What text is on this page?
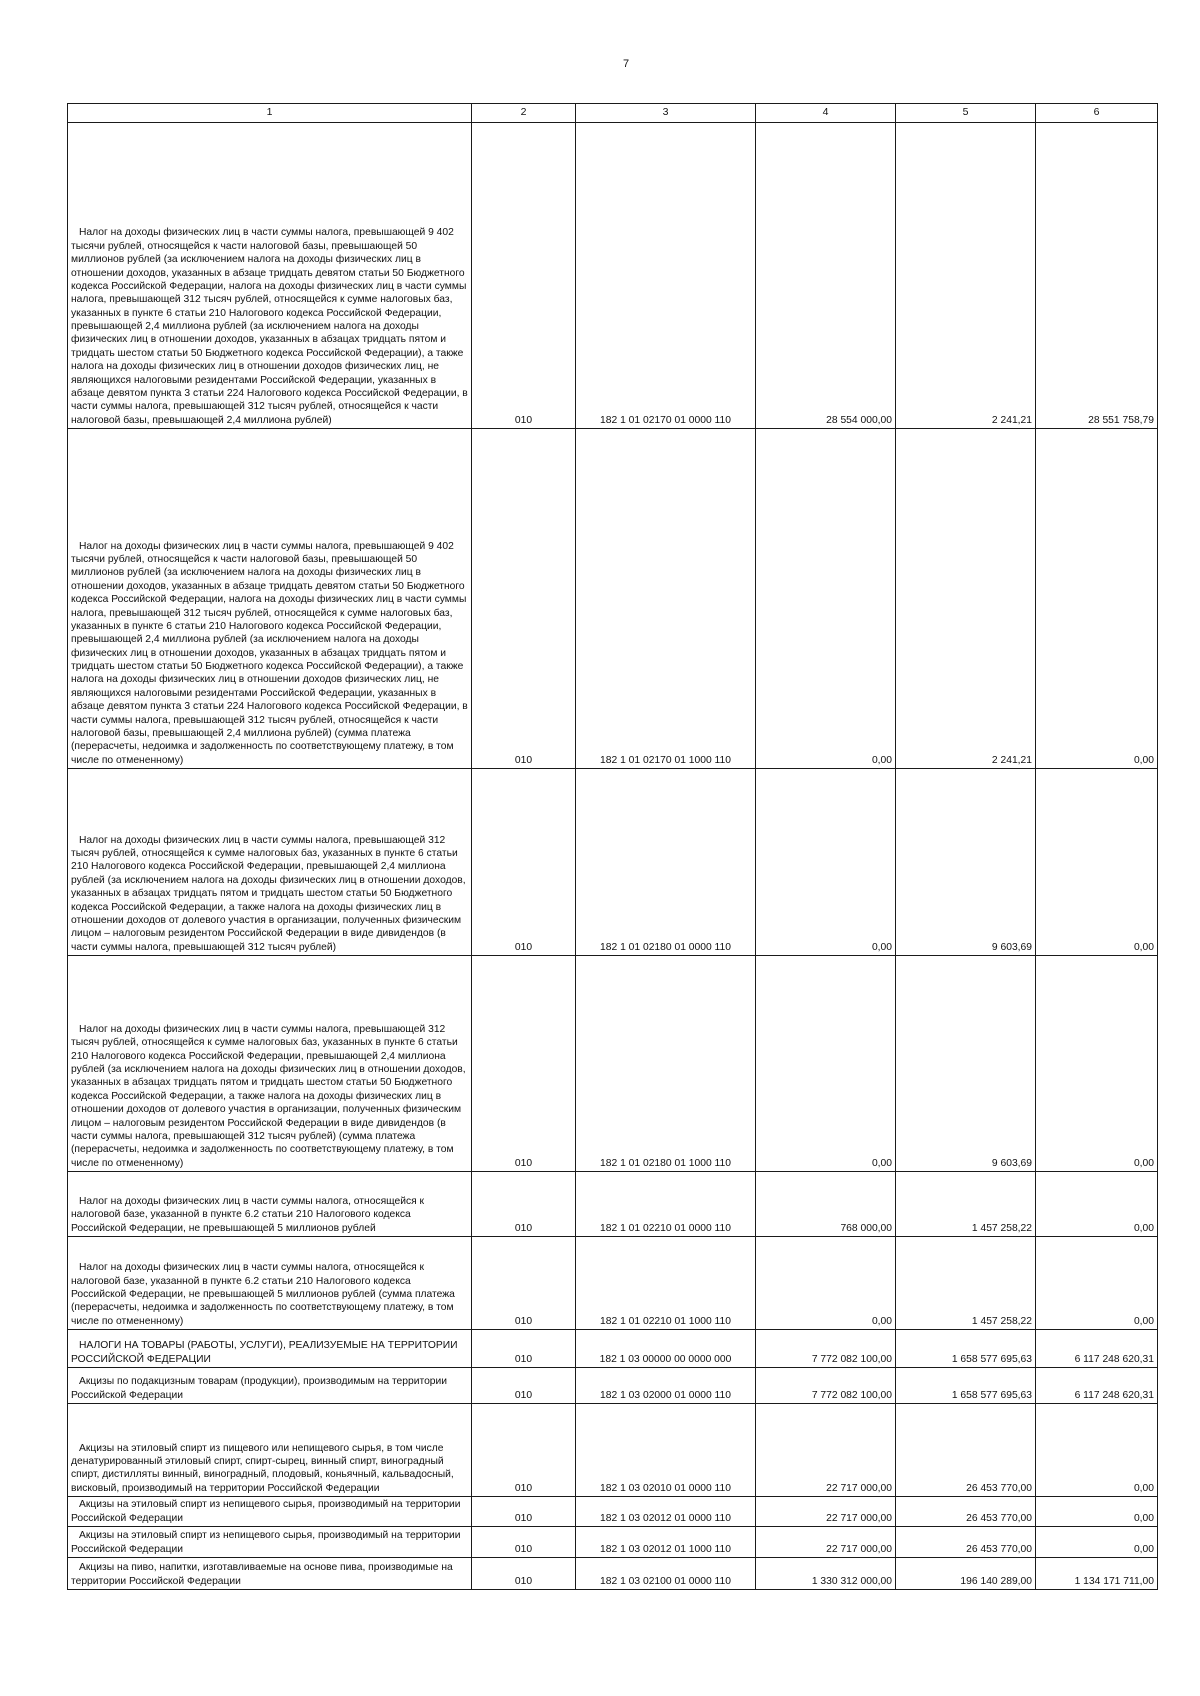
7
1	2	3	4	5	6

Налог на доходы физических лиц в части суммы налога, превышающей 9 402 тысячи рублей, относящейся к части налоговой базы, превышающей 50 миллионов рублей (за исключением налога на доходы физических лиц в отношении доходов, указанных в абзаце тридцать девятом статьи 50 Бюджетного кодекса Российской Федерации, налога на доходы физических лиц в части суммы налога, превышающей 312 тысяч рублей, относящейся к сумме налоговых баз, указанных в пункте 6 статьи 210 Налогового кодекса Российской Федерации, превышающей 2,4 миллиона рублей (за исключением налога на доходы физических лиц в отношении доходов, указанных в абзацах тридцать пятом и тридцать шестом статьи 50 Бюджетного кодекса Российской Федерации), а также налога на доходы физических лиц в отношении доходов физических лиц, не являющихся налоговыми резидентами Российской Федерации, указанных в абзаце девятом пункта 3 статьи 224 Налогового кодекса Российской Федерации, в части суммы налога, превышающей 312 тысяч рублей, относящейся к части налоговой базы, превышающей 2,4 миллиона рублей)	010	182 1 01 02170 01 0000 110	28 554 000,00	2 241,21	28 551 758,79

Налог на доходы физических лиц в части суммы налога, превышающей 9 402 тысячи рублей, относящейся к части налоговой базы, превышающей 50 миллионов рублей (за исключением налога на доходы физических лиц в отношении доходов, указанных в абзаце тридцать девятом статьи 50 Бюджетного кодекса Российской Федерации, налога на доходы физических лиц в части суммы налога, превышающей 312 тысяч рублей, относящейся к сумме налоговых баз, указанных в пункте 6 статьи 210 Налогового кодекса Российской Федерации, превышающей 2,4 миллиона рублей (за исключением налога на доходы физических лиц в отношении доходов, указанных в абзацах тридцать пятом и тридцать шестом статьи 50 Бюджетного кодекса Российской Федерации), а также налога на доходы физических лиц в отношении доходов физических лиц, не являющихся налоговыми резидентами Российской Федерации, указанных в абзаце девятом пункта 3 статьи 224 Налогового кодекса Российской Федерации, в части суммы налога, превышающей 312 тысяч рублей, относящейся к части налоговой базы, превышающей 2,4 миллиона рублей) (сумма платежа (перерасчеты, недоимка и задолженность по соответствующему платежу, в том числе по отмененному)	010	182 1 01 02170 01 1000 110	0,00	2 241,21	0,00

Налог на доходы физических лиц в части суммы налога, превышающей 312 тысяч рублей, относящейся к сумме налоговых баз, указанных в пункте 6 статьи 210 Налогового кодекса Российской Федерации, превышающей 2,4 миллиона рублей (за исключением налога на доходы физических лиц в отношении доходов, указанных в абзацах тридцать пятом и тридцать шестом статьи 50 Бюджетного кодекса Российской Федерации, а также налога на доходы физических лиц в отношении доходов от долевого участия в организации, полученных физическим лицом – налоговым резидентом Российской Федерации в виде дивидендов (в части суммы налога, превышающей 312 тысяч рублей)	010	182 1 01 02180 01 0000 110	0,00	9 603,69	0,00

Налог на доходы физических лиц в части суммы налога, превышающей 312 тысяч рублей, относящейся к сумме налоговых баз, указанных в пункте 6 статьи 210 Налогового кодекса Российской Федерации, превышающей 2,4 миллиона рублей (за исключением налога на доходы физических лиц в отношении доходов, указанных в абзацах тридцать пятом и тридцать шестом статьи 50 Бюджетного кодекса Российской Федерации, а также налога на доходы физических лиц в отношении доходов от долевого участия в организации, полученных физическим лицом – налоговым резидентом Российской Федерации в виде дивидендов (в части суммы налога, превышающей 312 тысяч рублей) (сумма платежа (перерасчеты, недоимка и задолженность по соответствующему платежу, в том числе по отмененному)	010	182 1 01 02180 01 1000 110	0,00	9 603,69	0,00

Налог на доходы физических лиц в части суммы налога, относящейся к налоговой базе, указанной в пункте 6.2 статьи 210 Налогового кодекса Российской Федерации, не превышающей 5 миллионов рублей	010	182 1 01 02210 01 0000 110	768 000,00	1 457 258,22	0,00

Налог на доходы физических лиц в части суммы налога, относящейся к налоговой базе, указанной в пункте 6.2 статьи 210 Налогового кодекса Российской Федерации, не превышающей 5 миллионов рублей (сумма платежа (перерасчеты, недоимка и задолженность по соответствующему платежу, в том числе по отмененному)	010	182 1 01 02210 01 1000 110	0,00	1 457 258,22	0,00

НАЛОГИ НА ТОВАРЫ (РАБОТЫ, УСЛУГИ), РЕАЛИЗУЕМЫЕ НА ТЕРРИТОРИИ РОССИЙСКОЙ ФЕДЕРАЦИИ	010	182 1 03 00000 00 0000 000	7 772 082 100,00	1 658 577 695,63	6 117 248 620,31

Акцизы по подакцизным товарам (продукции), производимым на территории Российской Федерации	010	182 1 03 02000 01 0000 110	7 772 082 100,00	1 658 577 695,63	6 117 248 620,31

Акцизы на этиловый спирт из пищевого или непищевого сырья, в том числе денатурированный этиловый спирт, спирт-сырец, винный спирт, виноградный спирт, дистилляты винный, виноградный, плодовый, коньячный, кальвадосный, висковый, производимый на территории Российской Федерации	010	182 1 03 02010 01 0000 110	22 717 000,00	26 453 770,00	0,00

Акцизы на этиловый спирт из непищевого сырья, производимый на территории Российской Федерации	010	182 1 03 02012 01 0000 110	22 717 000,00	26 453 770,00	0,00

Акцизы на этиловый спирт из непищевого сырья, производимый на территории Российской Федерации	010	182 1 03 02012 01 1000 110	22 717 000,00	26 453 770,00	0,00

Акцизы на пиво, напитки, изготавливаемые на основе пива, производимые на территории Российской Федерации	010	182 1 03 02100 01 0000 110	1 330 312 000,00	196 140 289,00	1 134 171 711,00
